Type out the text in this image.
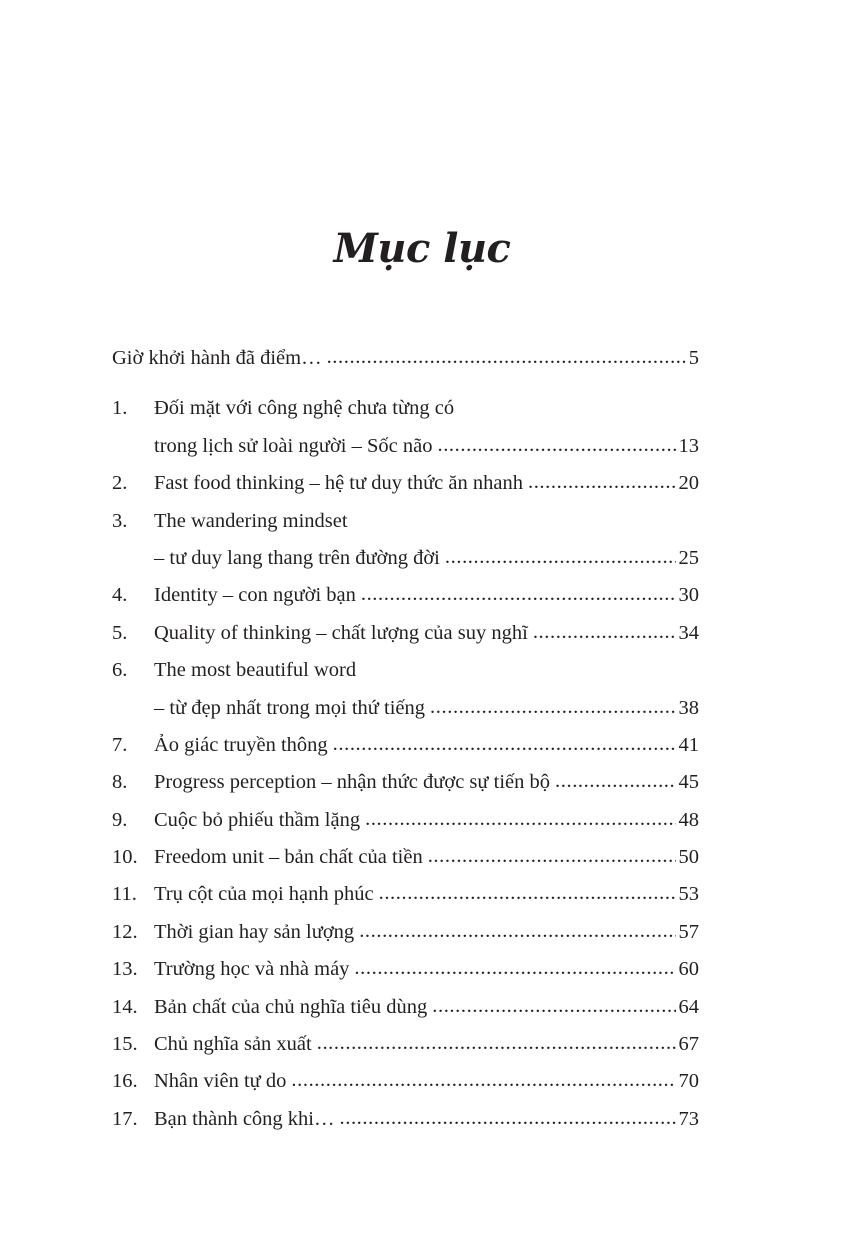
Mục lục
Giờ khởi hành đã điểm… .....	5
1.	Đối mặt với công nghệ chưa từng có
trong lịch sử loài người – Sốc não .....	13
2.	Fast food thinking – hệ tư duy thức ăn nhanh .....	20
3.	The wandering mindset
– tư duy lang thang trên đường đời .....	25
4.	Identity – con người bạn .....	30
5.	Quality of thinking – chất lượng của suy nghĩ .....	34
6.	The most beautiful word
– từ đẹp nhất trong mọi thứ tiếng .....	38
7.	Ảo giác truyền thông .....	41
8.	Progress perception – nhận thức được sự tiến bộ .....	45
9.	Cuộc bỏ phiếu thầm lặng .....	48
10. Freedom unit – bản chất của tiền .....	50
11. Trụ cột của mọi hạnh phúc .....	53
12. Thời gian hay sản lượng .....	57
13. Trường học và nhà máy .....	60
14. Bản chất của chủ nghĩa tiêu dùng .....	64
15. Chủ nghĩa sản xuất .....	67
16. Nhân viên tự do .....	70
17. Bạn thành công khi… .....	73
